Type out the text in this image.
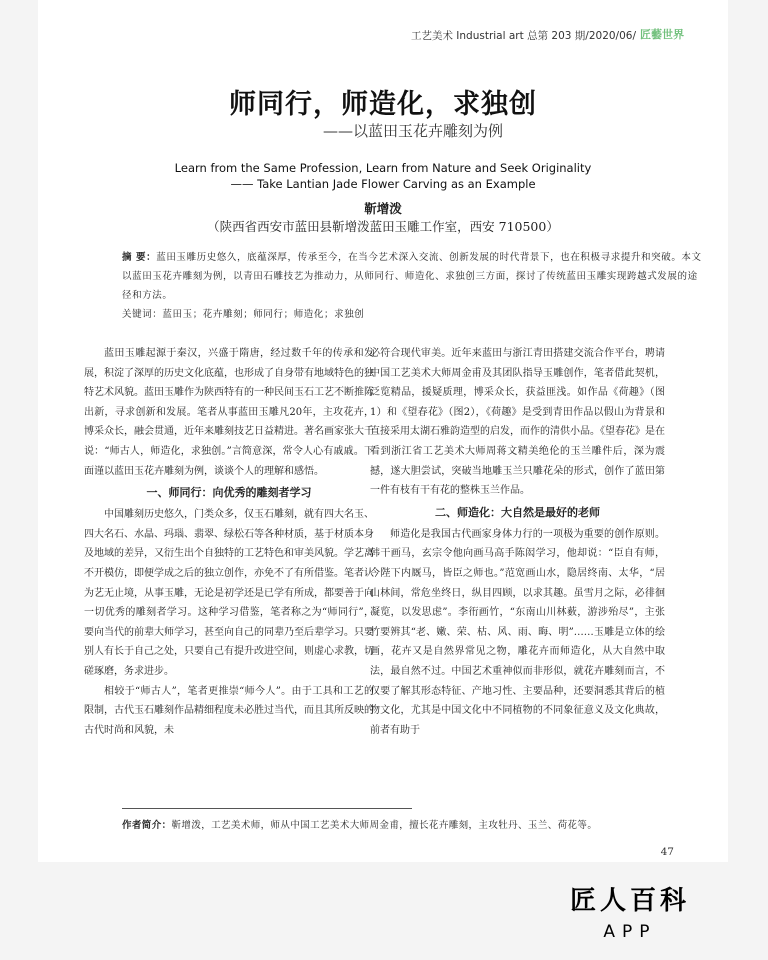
工艺美术 Industrial art 总第 203 期/2020/06/ 匠藝世界
师同行，师造化，求独创
——以蓝田玉花卉雕刻为例
Learn from the Same Profession, Learn from Nature and Seek Originality
—— Take Lantian Jade Flower Carving as an Example
靳增泼
（陕西省西安市蓝田县靳增泼蓝田玉雕工作室，西安 710500）
摘 要：蓝田玉雕历史悠久，底蕴深厚，传承至今，在当今艺术深入交流、创新发展的时代背景下，也在积极寻求提升和突破。本文以蓝田玉花卉雕刻为例，以青田石雕技艺为推动力，从师同行、师造化、求独创三方面，探讨了传统蓝田玉雕实现跨越式发展的途径和方法。
关键词：蓝田玉；花卉雕刻；师同行；师造化；求独创
作者简介：靳增泼，工艺美术师，师从中国工艺美术大师周金甫，擅长花卉雕刻，主攻牡丹、玉兰、荷花等。
47

蓝田玉雕起源于秦汉，兴盛于隋唐，经过数千年的传承和发展，积淀了深厚的历史文化底蕴，也形成了自身带有地域特色的独特艺术风貌。蓝田玉雕作为陕西特有的一种民间玉石工艺不断推陈出新，寻求创新和发展。笔者从事蓝田玉雕凡20年，主攻花卉，博采众长，融会贯通，近年来雕刻技艺日益精进。著名画家张大千说：“师古人，师造化，求独创。”言简意深，常令人心有戚戚。下面谨以蓝田玉花卉雕刻为例，谈谈个人的理解和感悟。

一、师同行：向优秀的雕刻者学习

中国雕刻历史悠久，门类众多，仅玉石雕刻，就有四大名玉、四大名石、水晶、玛瑙、翡翠、绿松石等各种材质，基于材质本身及地域的差异，又衍生出个自独特的工艺特色和审美风貌。学艺离不开模仿，即便学成之后的独立创作，亦免不了有所借鉴。笔者认为艺无止境，从事玉雕，无论是初学还是已学有所成，都要善于向一切优秀的雕刻者学习。这种学习借鉴，笔者称之为“师同行”，要向当代的前辈大师学习，甚至向自己的同辈乃至后辈学习。只要别人有长于自己之处，只要自己有提升改进空间，则虚心求教，切磋琢磨，务求进步。

相较于“师古人”，笔者更推崇“师今人”。由于工具和工艺的限制，古代玉石雕刻作品精细程度未必胜过当代，而且其所反映的古代时尚和风貌，未

必符合现代审美。近年来蓝田与浙江青田搭建交流合作平台，聘请中国工艺美术大师周金甫及其团队指导玉雕创作，笔者借此契机，泛览精品，援疑质理，博采众长，获益匪浅。如作品《荷趣》（图1）和《望春花》（图2），《荷趣》是受到青田作品以假山为背景和直接采用太湖石雅韵造型的启发，而作的清供小品。《望春花》是在看到浙江省工艺美术大师周蒋文精美绝伦的玉兰雕件后，深为震撼，遂大胆尝试，突破当地雕玉兰只雕花朵的形式，创作了蓝田第一件有枝有干有花的整株玉兰作品。

二、师造化：大自然是最好的老师

师造化是我国古代画家身体力行的一项极为重要的创作原则。韩干画马，玄宗令他向画马高手陈闳学习，他却说：“臣自有师，今陛下内厩马，皆臣之师也。”范宽画山水，隐居终南、太华，“居山林间，常危坐终日，纵目四顾，以求其趣。虽雪月之际，必徘徊凝览，以发思虑”。李衎画竹，“东南山川林薮，游涉殆尽”，主张竹要辨其“老、嫩、荣、枯、风、雨、晦、明”……玉雕是立体的绘画，花卉又是自然界常见之物，雕花卉而师造化，从大自然中取法，最自然不过。中国艺术重神似而非形似，就花卉雕刻而言，不仅要了解其形态特征、产地习性、主要品种，还要洞悉其背后的植物文化，尤其是中国文化中不同植物的不同象征意义及文化典故，前者有助于

匠人百科
APP
